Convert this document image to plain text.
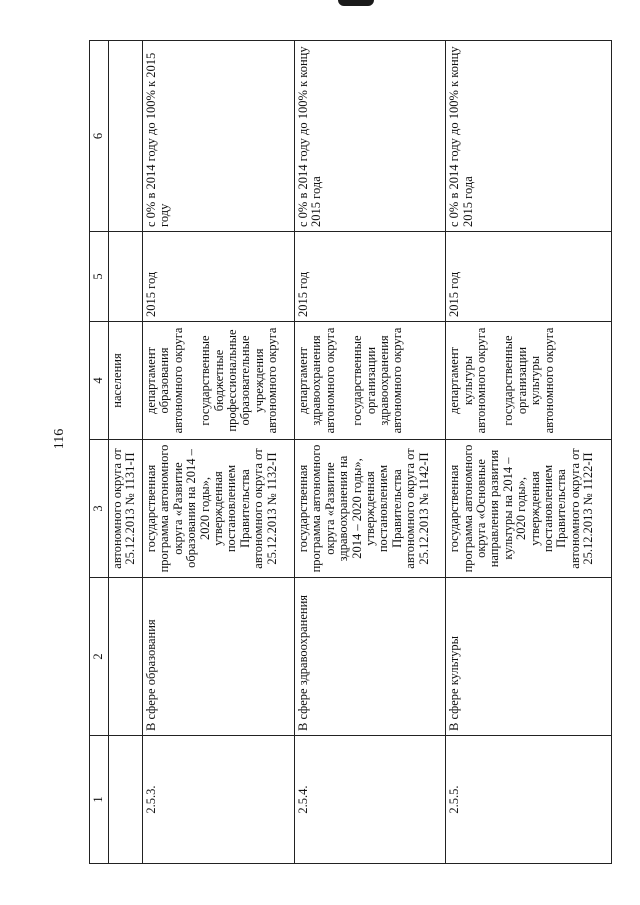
116
1	2	3	4	5	6
		автономного округа от 25.12.2013 № 1131-П	населения		
2.5.3.	В сфере образования	государственная программа автономного округа «Развитие образования на 2014 – 2020 годы», утвержденная постановлением Правительства автономного округа от 25.12.2013 № 1132-П	департамент образования автономного округа государственные бюджетные профессиональные образовательные учреждения автономного округа	2015 год	с 0% в 2014 году до 100% к 2015 году
2.5.4.	В сфере здравоохранения	государственная программа автономного округа «Развитие здравоохранения на 2014 – 2020 годы», утвержденная постановлением Правительства автономного округа от 25.12.2013 № 1142-П	департамент здравоохранения автономного округа государственные организации здравоохранения автономного округа	2015 год	с 0% в 2014 году до 100% к концу 2015 года
2.5.5.	В сфере культуры	государственная программа автономного округа «Основные направления развития культуры на 2014 – 2020 годы», утвержденная постановлением Правительства автономного округа от 25.12.2013 № 1122-П	департамент культуры автономного округа государственные организации культуры автономного округа	2015 год	с 0% в 2014 году до 100% к концу 2015 года
